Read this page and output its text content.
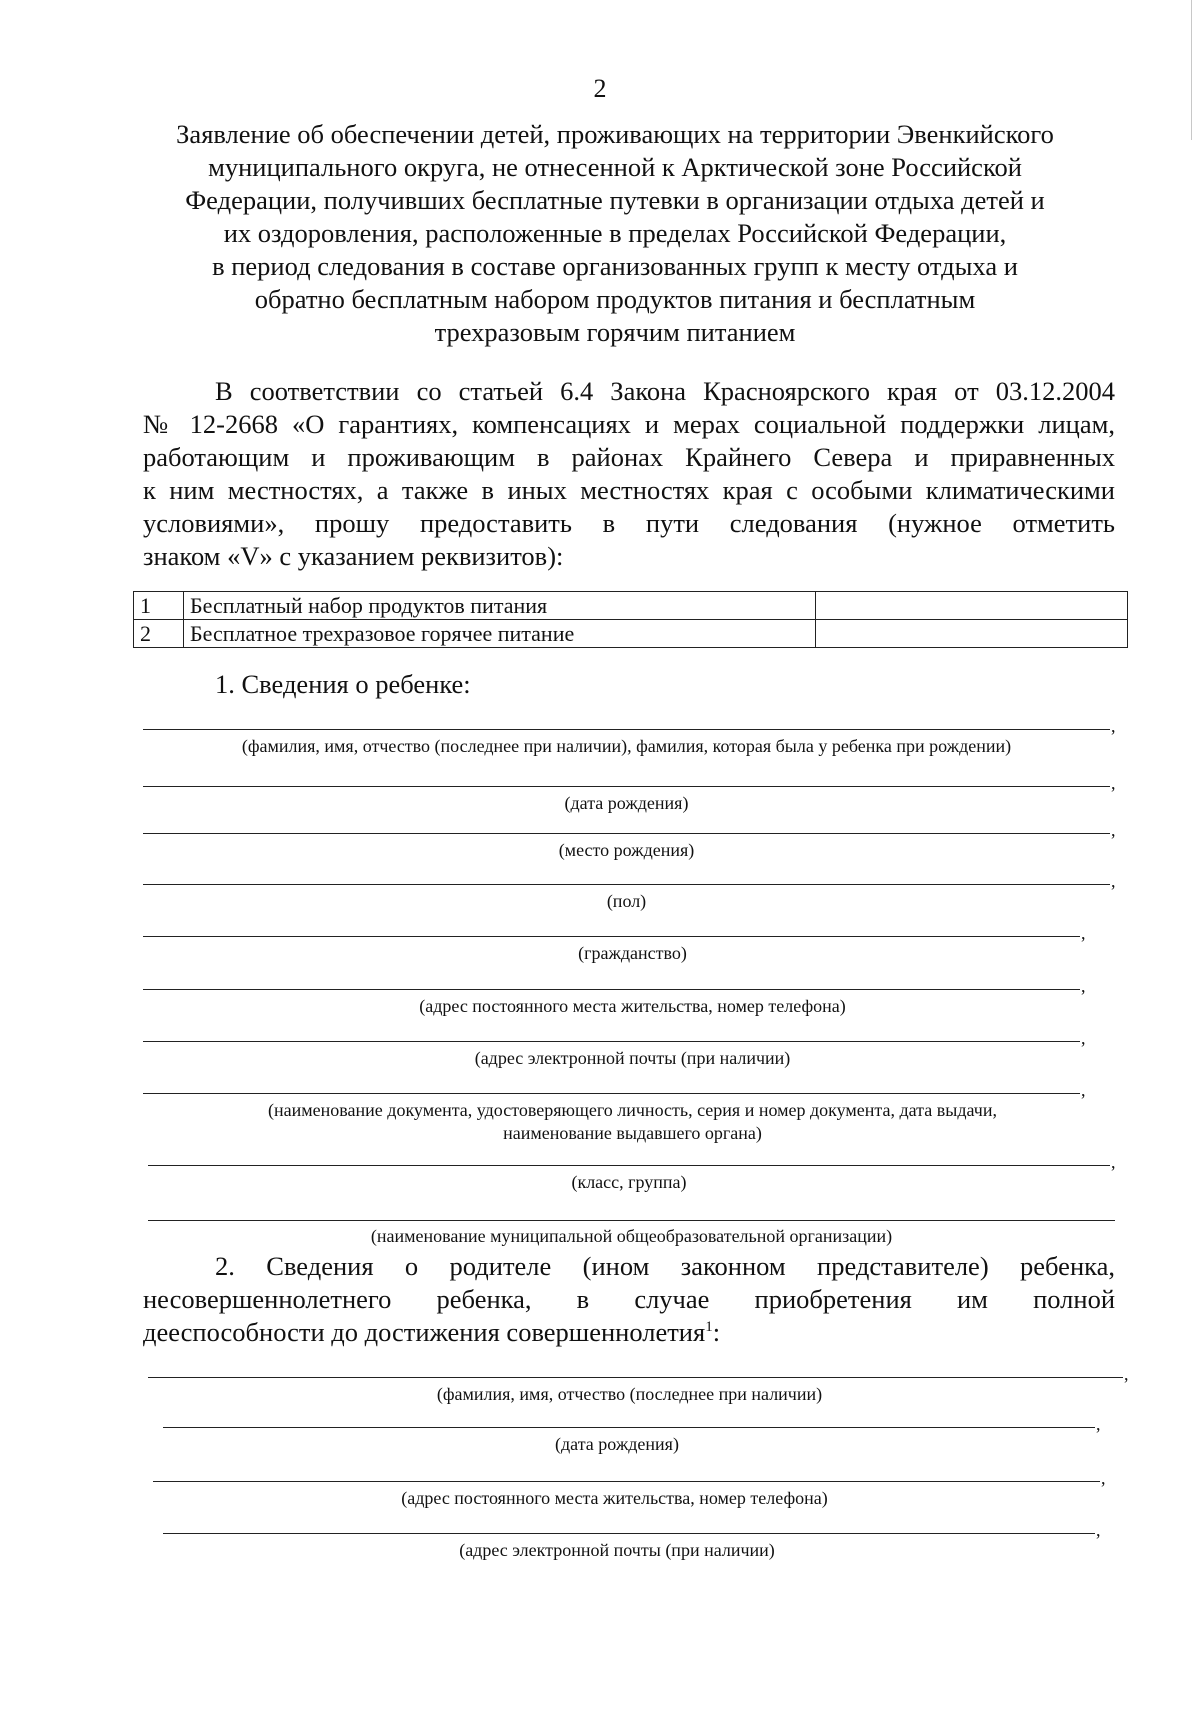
2
Заявление об обеспечении детей, проживающих на территории Эвенкийского
муниципального округа, не отнесенной к Арктической зоне Российской
Федерации, получивших бесплатные путевки в организации отдыха детей и
их оздоровления, расположенные в пределах Российской Федерации,
в период следования в составе организованных групп к месту отдыха и
обратно бесплатным набором продуктов питания и бесплатным
трехразовым горячим питанием
В соответствии со статьей 6.4 Закона Красноярского края от 03.12.2004
№ 12-2668 «О гарантиях, компенсациях и мерах социальной поддержки лицам,
работающим и проживающим в районах Крайнего Севера и приравненных
к ним местностях, а также в иных местностях края с особыми климатическими
условиями», прошу предоставить в пути следования (нужное отметить
знаком «V» с указанием реквизитов):
1	Бесплатный набор продуктов питания	
2	Бесплатное трехразовое горячее питание	
1. Сведения о ребенке:
,
(фамилия, имя, отчество (последнее при наличии), фамилия, которая была у ребенка при рождении)
,
(дата рождения)
,
(место рождения)
,
(пол)
,
(гражданство)
,
(адрес постоянного места жительства, номер телефона)
,
(адрес электронной почты (при наличии)
,
(наименование документа, удостоверяющего личность, серия и номер документа, дата выдачи,
наименование выдавшего органа)
,
(класс, группа)
(наименование муниципальной общеобразовательной организации)
2. Сведения о родителе (ином законном представителе) ребенка,
несовершеннолетнего ребенка, в случае приобретения им полной
дееспособности до достижения совершеннолетия$^1$:
,
(фамилия, имя, отчество (последнее при наличии)
,
(дата рождения)
,
(адрес постоянного места жительства, номер телефона)
,
(адрес электронной почты (при наличии)
